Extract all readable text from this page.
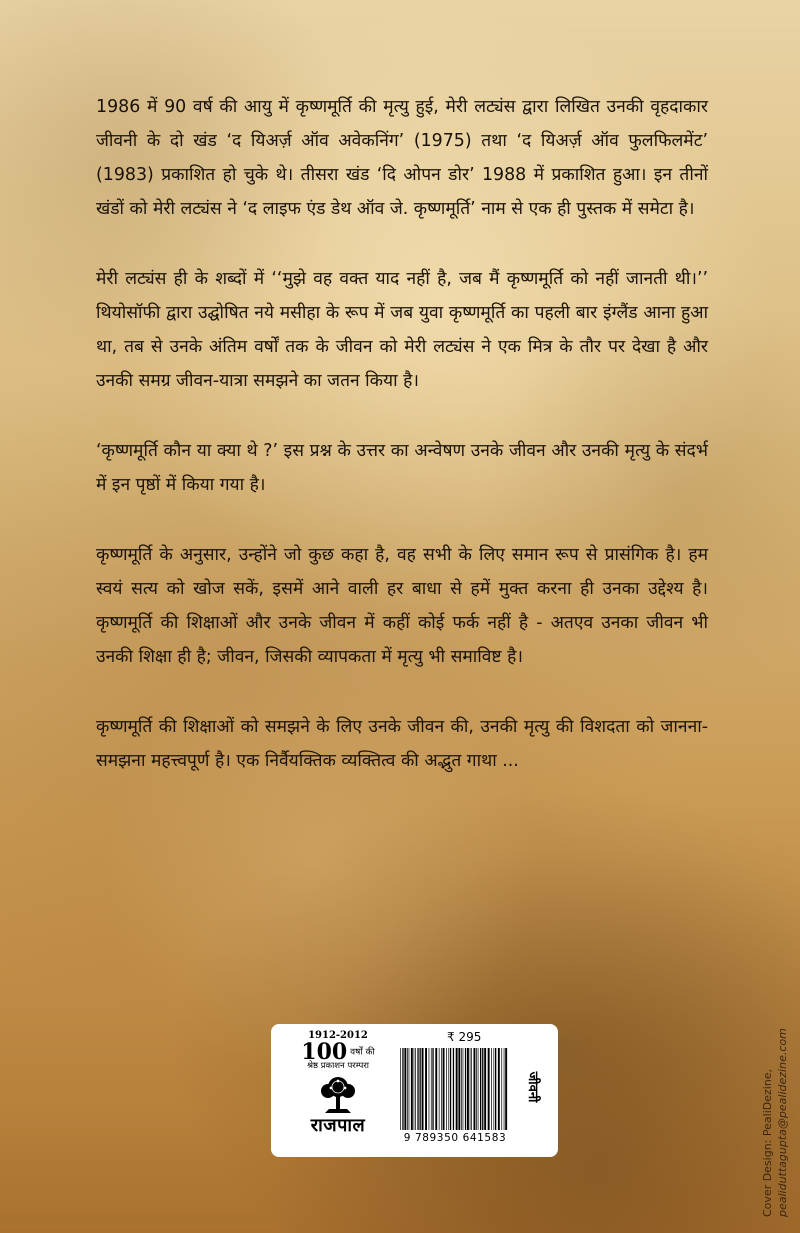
1986 में 90 वर्ष की आयु में कृष्णमूर्ति की मृत्यु हुई, मेरी लट्यंस द्वारा लिखित उनकी वृहदाकार जीवनी के दो खंड ‘द यिअर्ज़ ऑव अवेकनिंग’ (1975) तथा ‘द यिअर्ज़ ऑव फुलफिलमेंट’ (1983) प्रकाशित हो चुके थे। तीसरा खंड ‘दि ओपन डोर’ 1988 में प्रकाशित हुआ। इन तीनों खंडों को मेरी लट्यंस ने ‘द लाइफ एंड डेथ ऑव जे. कृष्णमूर्ति’ नाम से एक ही पुस्तक में समेटा है।

मेरी लट्यंस ही के शब्दों में ‘‘मुझे वह वक्त याद नहीं है, जब मैं कृष्णमूर्ति को नहीं जानती थी।’’ थियोसॉफी द्वारा उद्घोषित नये मसीहा के रूप में जब युवा कृष्णमूर्ति का पहली बार इंग्लैंड आना हुआ था, तब से उनके अंतिम वर्षों तक के जीवन को मेरी लट्यंस ने एक मित्र के तौर पर देखा है और उनकी समग्र जीवन-यात्रा समझने का जतन किया है।

‘कृष्णमूर्ति कौन या क्या थे ?’ इस प्रश्न के उत्तर का अन्वेषण उनके जीवन और उनकी मृत्यु के संदर्भ में इन पृष्ठों में किया गया है।

कृष्णमूर्ति के अनुसार, उन्होंने जो कुछ कहा है, वह सभी के लिए समान रूप से प्रासंगिक है। हम स्वयं सत्य को खोज सकें, इसमें आने वाली हर बाधा से हमें मुक्त करना ही उनका उद्देश्य है। कृष्णमूर्ति की शिक्षाओं और उनके जीवन में कहीं कोई फर्क नहीं है - अतएव उनका जीवन भी उनकी शिक्षा ही है; जीवन, जिसकी व्यापकता में मृत्यु भी समाविष्ट है।

कृष्णमूर्ति की शिक्षाओं को समझने के लिए उनके जीवन की, उनकी मृत्यु की विशदता को जानना-समझना महत्त्वपूर्ण है। एक निर्वैयक्तिक व्यक्तित्व की अद्भुत गाथा ...

Cover Design: PealiDezine, pealiduttagupta@pealidezine.com
1912-2012
100 वर्षों की
श्रेष्ठ प्रकाशन परम्परा
राजपाल
₹ 295
9 789350 641583
जीवनी
